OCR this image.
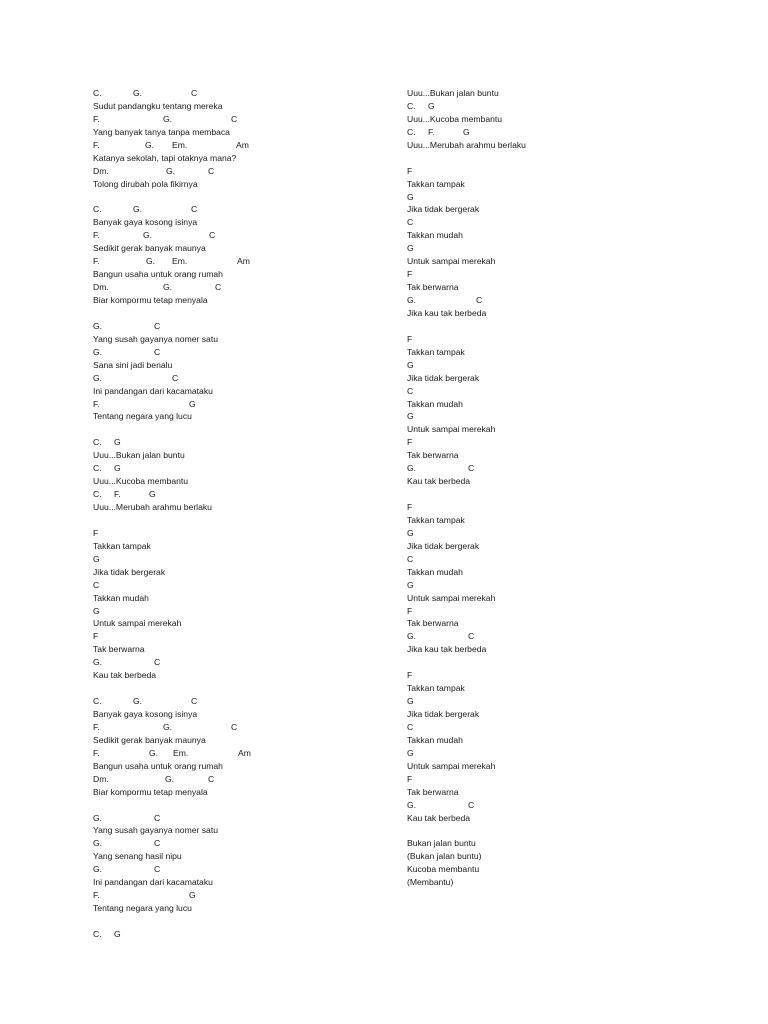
C.	G.	C
Sudut pandangku tentang mereka
F.	G.	C
Yang banyak tanya tanpa membaca
F.	G. Em.	Am
Katanya sekolah, tapi otaknya mana?
Dm.	G.	C
Tolong dirubah pola fikirnya
C.	G.	C
Banyak gaya kosong isinya
F.	G.	C
Sedikit gerak banyak maunya
F.	G. Em.	Am
Bangun usaha untuk orang rumah
Dm.	G.	C
Biar kompormu tetap menyala
G.	C
Yang susah gayanya nomer satu
G.	C
Sana sini jadi benalu
G.	C
Ini pandangan dari kacamataku
F.	G
Tentang negara yang lucu
C. G
Uuu...Bukan jalan buntu
C. G
Uuu...Kucoba membantu
C. F.	G
Uuu...Merubah arahmu berlaku
F
Takkan tampak
G
Jika tidak bergerak
C
Takkan mudah
G
Untuk sampai merekah
F
Tak berwarna
G.	C
Kau tak berbeda
C.	G.	C
Banyak gaya kosong isinya
F.	G.	C
Sedikit gerak banyak maunya
F.	G. Em.	Am
Bangun usaha untuk orang rumah
Dm.	G.	C
Biar kompormu tetap menyala
G.	C
Yang susah gayanya nomer satu
G.	C
Yang senang hasil nipu
G.	C
Ini pandangan dari kacamataku
F.	G
Tentang negara yang lucu
C. G
Uuu...Bukan jalan buntu
C. G
Uuu...Kucoba membantu
C. F.	G
Uuu...Merubah arahmu berlaku
F
Takkan tampak
G
Jika tidak bergerak
C
Takkan mudah
G
Untuk sampai merekah
F
Tak berwarna
G.	C
Jika kau tak berbeda
F
Takkan tampak
G
Jika tidak bergerak
C
Takkan mudah
G
Untuk sampai merekah
F
Tak berwarna
G.	C
Kau tak berbeda
F
Takkan tampak
G
Jika tidak bergerak
C
Takkan mudah
G
Untuk sampai merekah
F
Tak berwarna
G.	C
Jika kau tak berbeda
F
Takkan tampak
G
Jika tidak bergerak
C
Takkan mudah
G
Untuk sampai merekah
F
Tak berwarna
G.	C
Kau tak berbeda
Bukan jalan buntu
(Bukan jalan buntu)
Kucoba membantu
(Membantu)
